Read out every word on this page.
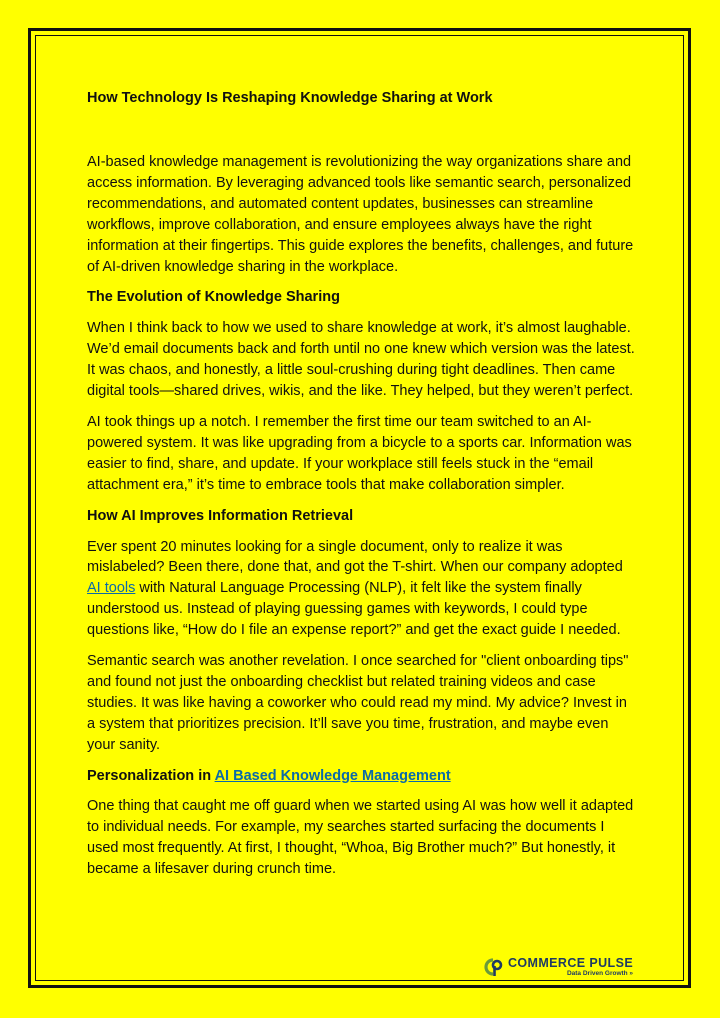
How Technology Is Reshaping Knowledge Sharing at Work

AI-based knowledge management is revolutionizing the way organizations share and access information. By leveraging advanced tools like semantic search, personalized recommendations, and automated content updates, businesses can streamline workflows, improve collaboration, and ensure employees always have the right information at their fingertips. This guide explores the benefits, challenges, and future of AI-driven knowledge sharing in the workplace.

The Evolution of Knowledge Sharing

When I think back to how we used to share knowledge at work, it’s almost laughable. We’d email documents back and forth until no one knew which version was the latest. It was chaos, and honestly, a little soul-crushing during tight deadlines. Then came digital tools—shared drives, wikis, and the like. They helped, but they weren’t perfect.

AI took things up a notch. I remember the first time our team switched to an AI-powered system. It was like upgrading from a bicycle to a sports car. Information was easier to find, share, and update. If your workplace still feels stuck in the “email attachment era,” it’s time to embrace tools that make collaboration simpler.

How AI Improves Information Retrieval

Ever spent 20 minutes looking for a single document, only to realize it was mislabeled? Been there, done that, and got the T-shirt. When our company adopted AI tools with Natural Language Processing (NLP), it felt like the system finally understood us. Instead of playing guessing games with keywords, I could type questions like, “How do I file an expense report?” and get the exact guide I needed.

Semantic search was another revelation. I once searched for "client onboarding tips" and found not just the onboarding checklist but related training videos and case studies. It was like having a coworker who could read my mind. My advice? Invest in a system that prioritizes precision. It’ll save you time, frustration, and maybe even your sanity.

Personalization in AI Based Knowledge Management

One thing that caught me off guard when we started using AI was how well it adapted to individual needs. For example, my searches started surfacing the documents I used most frequently. At first, I thought, “Whoa, Big Brother much?” But honestly, it became a lifesaver during crunch time.

COMMERCE PULSE
Data Driven Growth »
